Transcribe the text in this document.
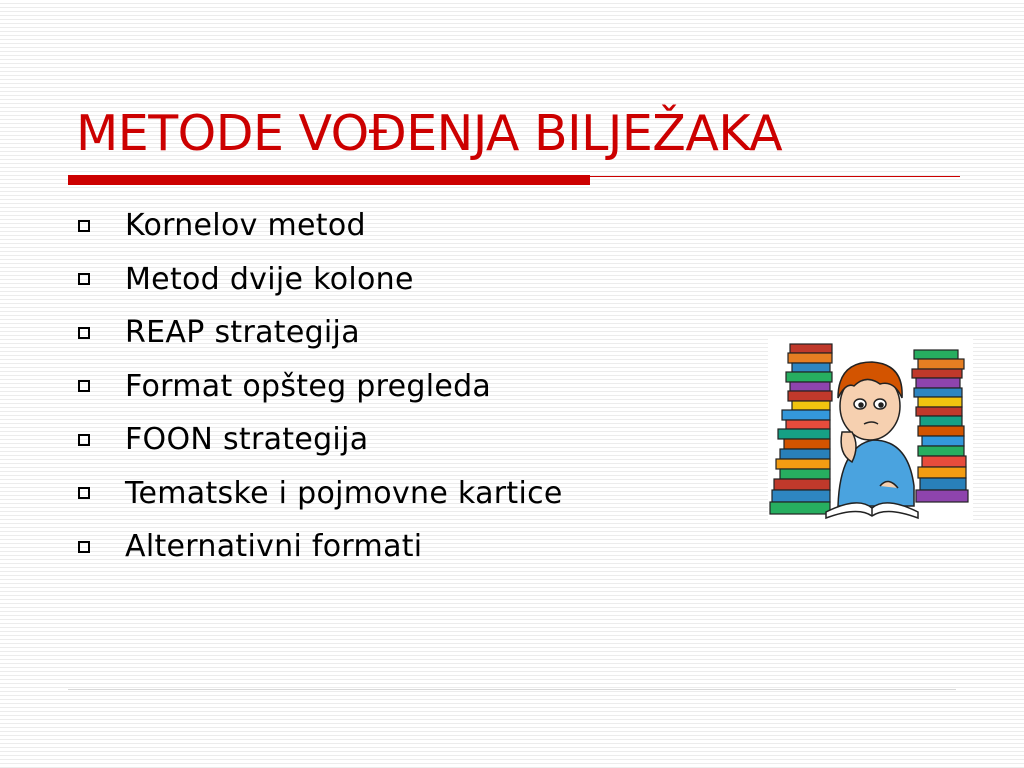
METODE VOĐENJA BILJEŽAKA
Kornelov metod
Metod dvije kolone
REAP strategija
Format opšteg pregleda
FOON strategija
Tematske i pojmovne kartice
Alternativni formati
